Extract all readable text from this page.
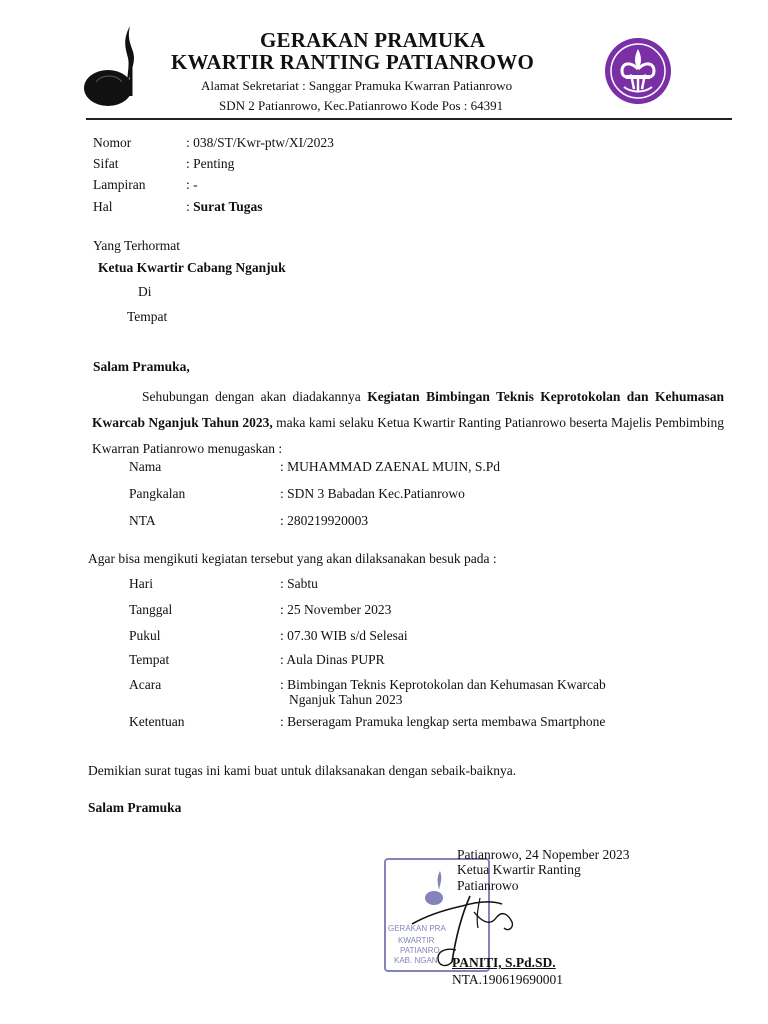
GERAKAN PRAMUKA
KWARTIR RANTING PATIANROWO
Alamat Sekretariat : Sanggar Pramuka Kwarran Patianrowo
SDN 2 Patianrowo, Kec.Patianrowo Kode Pos : 64391
Nomor	: 038/ST/Kwr-ptw/XI/2023
Sifat	: Penting
Lampiran	: -
Hal	: Surat Tugas
Yang Terhormat
Ketua Kwartir Cabang Nganjuk
Di
Tempat
Salam Pramuka,
Sehubungan dengan akan diadakannya Kegiatan Bimbingan Teknis Keprotokolan dan Kehumasan Kwarcab Nganjuk Tahun 2023, maka kami selaku Ketua Kwartir Ranting Patianrowo beserta Majelis Pembimbing Kwarran Patianrowo menugaskan :
Nama	: MUHAMMAD ZAENAL MUIN, S.Pd
Pangkalan	: SDN 3 Babadan Kec.Patianrowo
NTA	: 280219920003
Agar bisa mengikuti kegiatan tersebut yang akan dilaksanakan besuk pada :
Hari	: Sabtu
Tanggal	: 25 November 2023
Pukul	: 07.30 WIB s/d Selesai
Tempat	: Aula Dinas PUPR
Acara	: Bimbingan Teknis Keprotokolan dan Kehumasan Kwarcab
Nganjuk Tahun 2023
Ketentuan	: Berseragam Pramuka lengkap serta membawa Smartphone
Demikian surat tugas ini kami buat untuk dilaksanakan dengan sebaik-baiknya.
Salam Pramuka
GERAKAN PRA
KWARTIR
PATIANRO
KAB. NGAN
Patianrowo, 24 Nopember 2023
Ketua Kwartir Ranting
Patianrowo
PANITI, S.Pd.SD.
NTA.190619690001
